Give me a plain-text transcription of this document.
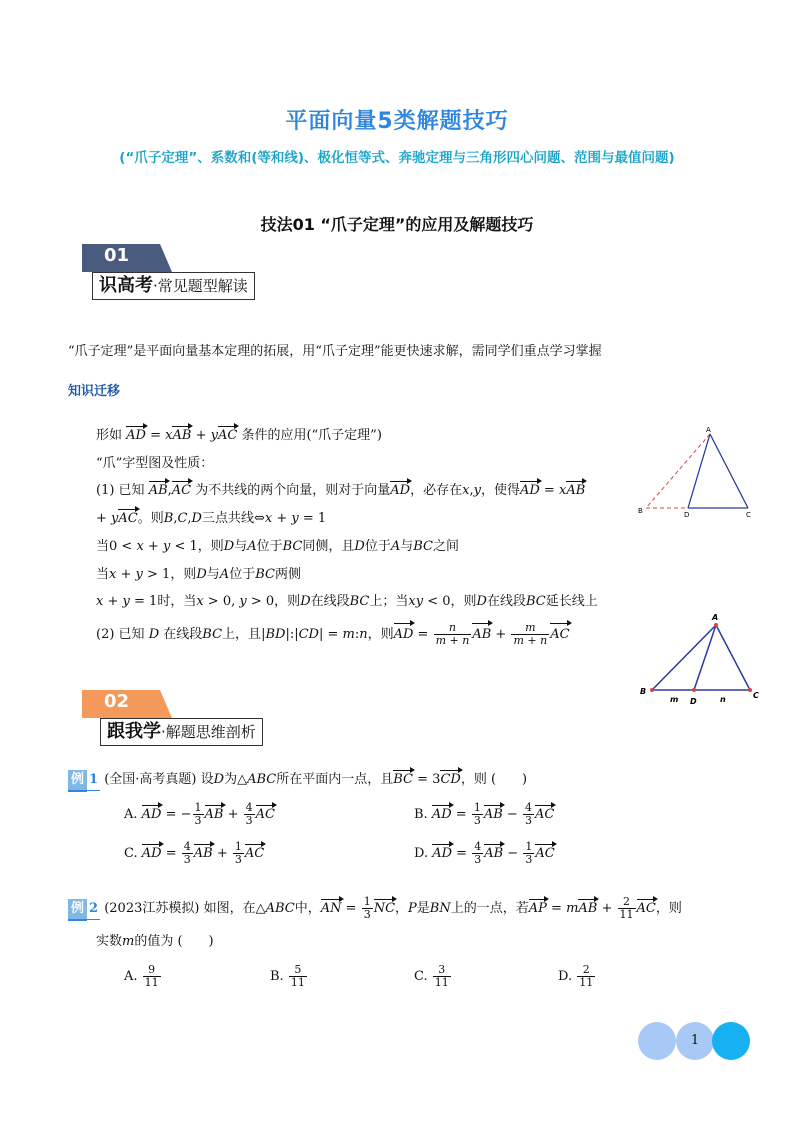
平面向量5类解题技巧
(“爪子定理”、系数和(等和线)、极化恒等式、奔驰定理与三角形四心问题、范围与最值问题)
技法01 “爪子定理”的应用及解题技巧
01
识高考·常见题型解读
“爪子定理”是平面向量基本定理的拓展，用“爪子定理”能更快速求解，需同学们重点学习掌握
知识迁移
形如 AD = xAB + yAC 条件的应用(“爪子定理”)
“爪”字型图及性质：
(1) 已知 AB,AC 为不共线的两个向量，则对于向量AD，必存在x,y，使得AD = xAB
+ yAC。则B,C,D三点共线⇔x + y = 1
当0 < x + y < 1，则D与A位于BC同侧，且D位于A与BC之间
当x + y > 1，则D与A位于BC两侧
x + y = 1时，当x > 0, y > 0，则D在线段BC上；当xy < 0，则D在线段BC延长线上
(2) 已知 D 在线段BC上，且|BD|:|CD| = m:n，则AD = $\frac{n}{m + n}$ AB + $\frac{m}{m + n}$ AC
A
B	D	C
A
B
m D	n	C
02
跟我学·解题思维剖析
例 1 (全国·高考真题) 设D为△ABC所在平面内一点，且BC = 3CD，则 (　　)
A. AD = − $\frac{1}{3}$ AB + $\frac{4}{3}$ AC	B. AD = $\frac{1}{3}$ AB − $\frac{4}{3}$ AC
C. AD = $\frac{4}{3}$ AB + $\frac{1}{3}$ AC	D. AD = $\frac{4}{3}$ AB − $\frac{1}{3}$ AC
例 2 (2023江苏模拟) 如图，在△ABC中，AN = $\frac{1}{3}$ NC，P是BN上的一点，若AP = mAB + $\frac{2}{11}$ AC，则
实数m的值为 (　　)
A. $\frac{9}{11}$	B. $\frac{5}{11}$	C. $\frac{3}{11}$	D. $\frac{2}{11}$
1
